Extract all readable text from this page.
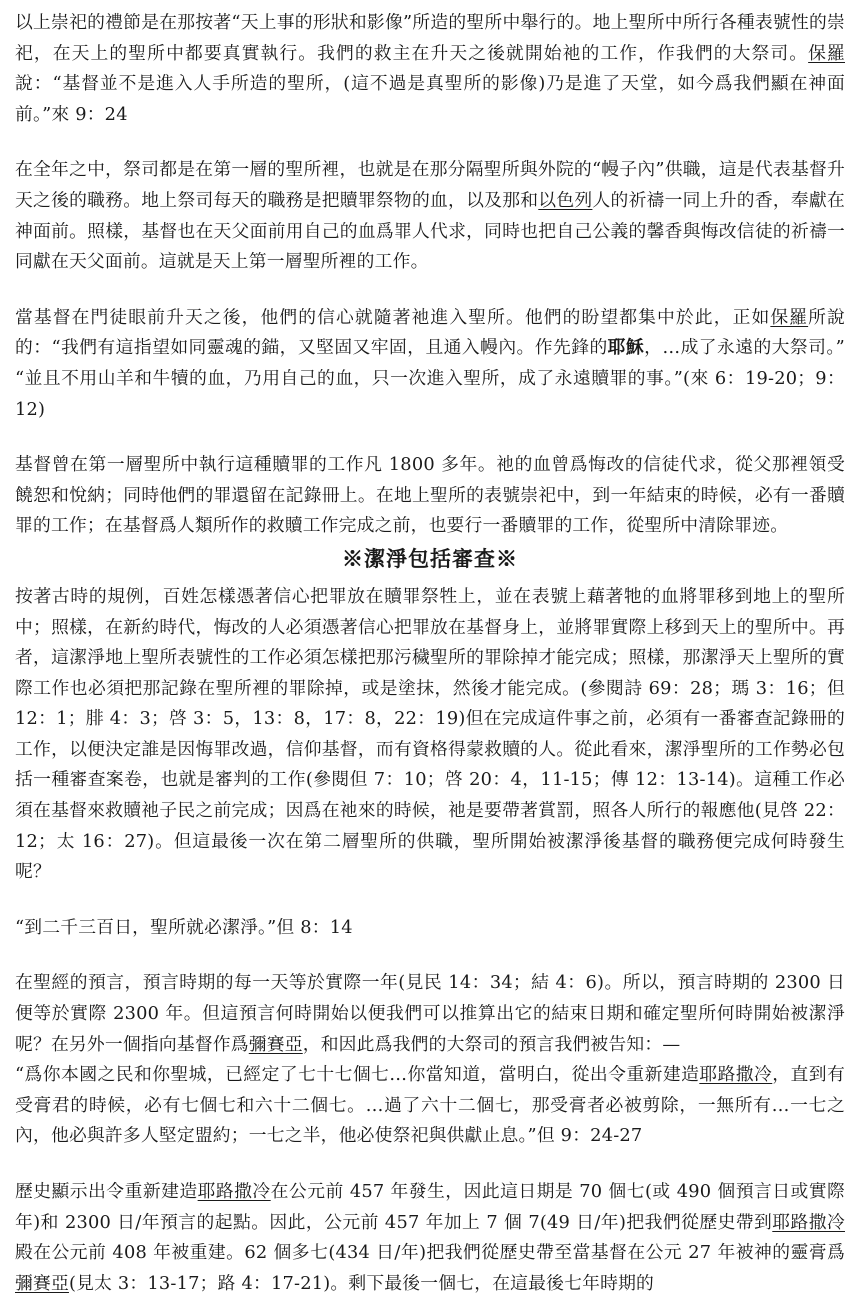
以上崇祀的禮節是在那按著“天上事的形狀和影像”所造的聖所中舉行的。地上聖所中所行各種表號性的崇祀，在天上的聖所中都要真實執行。我們的救主在升天之後就開始祂的工作，作我們的大祭司。保羅說：“基督並不是進入人手所造的聖所，(這不過是真聖所的影像)乃是進了天堂，如今爲我們顯在神面前。”來 9：24

在全年之中，祭司都是在第一層的聖所裡，也就是在那分隔聖所與外院的“幔子內”供職，這是代表基督升天之後的職務。地上祭司每天的職務是把贖罪祭物的血，以及那和以色列人的祈禱一同上升的香，奉獻在神面前。照樣，基督也在天父面前用自己的血爲罪人代求，同時也把自己公義的馨香與悔改信徒的祈禱一同獻在天父面前。這就是天上第一層聖所裡的工作。

當基督在門徒眼前升天之後，他們的信心就隨著祂進入聖所。他們的盼望都集中於此，正如保羅所說的：“我們有這指望如同靈魂的錨，又堅固又牢固，且通入幔內。作先鋒的耶穌，…成了永遠的大祭司。” “並且不用山羊和牛犢的血，乃用自己的血，只一次進入聖所，成了永遠贖罪的事。”(來 6：19-20；9：12)

基督曾在第一層聖所中執行這種贖罪的工作凡 1800 多年。祂的血曾爲悔改的信徒代求，從父那裡領受饒恕和悅納；同時他們的罪還留在記錄冊上。在地上聖所的表號崇祀中，到一年結束的時候，必有一番贖罪的工作；在基督爲人類所作的救贖工作完成之前，也要行一番贖罪的工作，從聖所中清除罪迹。

※潔淨包括審查※

按著古時的規例，百姓怎樣憑著信心把罪放在贖罪祭牲上，並在表號上藉著牠的血將罪移到地上的聖所中；照樣，在新約時代，悔改的人必須憑著信心把罪放在基督身上，並將罪實際上移到天上的聖所中。再者，這潔淨地上聖所表號性的工作必須怎樣把那污穢聖所的罪除掉才能完成；照樣，那潔淨天上聖所的實際工作也必須把那記錄在聖所裡的罪除掉，或是塗抹，然後才能完成。(參閱詩 69：28；瑪 3：16；但 12：1；腓 4：3；啓 3：5，13：8，17：8，22：19)但在完成這件事之前，必須有一番審查記錄冊的工作，以便決定誰是因悔罪改過，信仰基督，而有資格得蒙救贖的人。從此看來，潔淨聖所的工作勢必包括一種審查案卷，也就是審判的工作(參閱但 7：10；啓 20：4，11-15；傳 12：13-14)。這種工作必須在基督來救贖祂子民之前完成；因爲在祂來的時候，祂是要帶著賞罰，照各人所行的報應他(見啓 22：12；太 16：27)。但這最後一次在第二層聖所的供職，聖所開始被潔淨後基督的職務便完成何時發生呢？

“到二千三百日，聖所就必潔淨。”但 8：14

在聖經的預言，預言時期的每一天等於實際一年(見民 14：34；結 4：6)。所以，預言時期的 2300 日便等於實際 2300 年。但這預言何時開始以便我們可以推算出它的結束日期和確定聖所何時開始被潔淨呢？在另外一個指向基督作爲彌賽亞，和因此爲我們的大祭司的預言我們被告知：—

“爲你本國之民和你聖城，已經定了七十七個七…你當知道，當明白，從出令重新建造耶路撒冷，直到有受膏君的時候，必有七個七和六十二個七。…過了六十二個七，那受膏者必被剪除，一無所有…一七之內，他必與許多人堅定盟約；一七之半，他必使祭祀與供獻止息。”但 9：24-27

歷史顯示出令重新建造耶路撒冷在公元前 457 年發生，因此這日期是 70 個七(或 490 個預言日或實際年)和 2300 日/年預言的起點。因此，公元前 457 年加上 7 個 7(49 日/年)把我們從歷史帶到耶路撒冷殿在公元前 408 年被重建。62 個多七(434 日/年)把我們從歷史帶至當基督在公元 27 年被神的靈膏爲彌賽亞(見太 3：13-17；路 4：17-21)。剩下最後一個七，在這最後七年時期的
